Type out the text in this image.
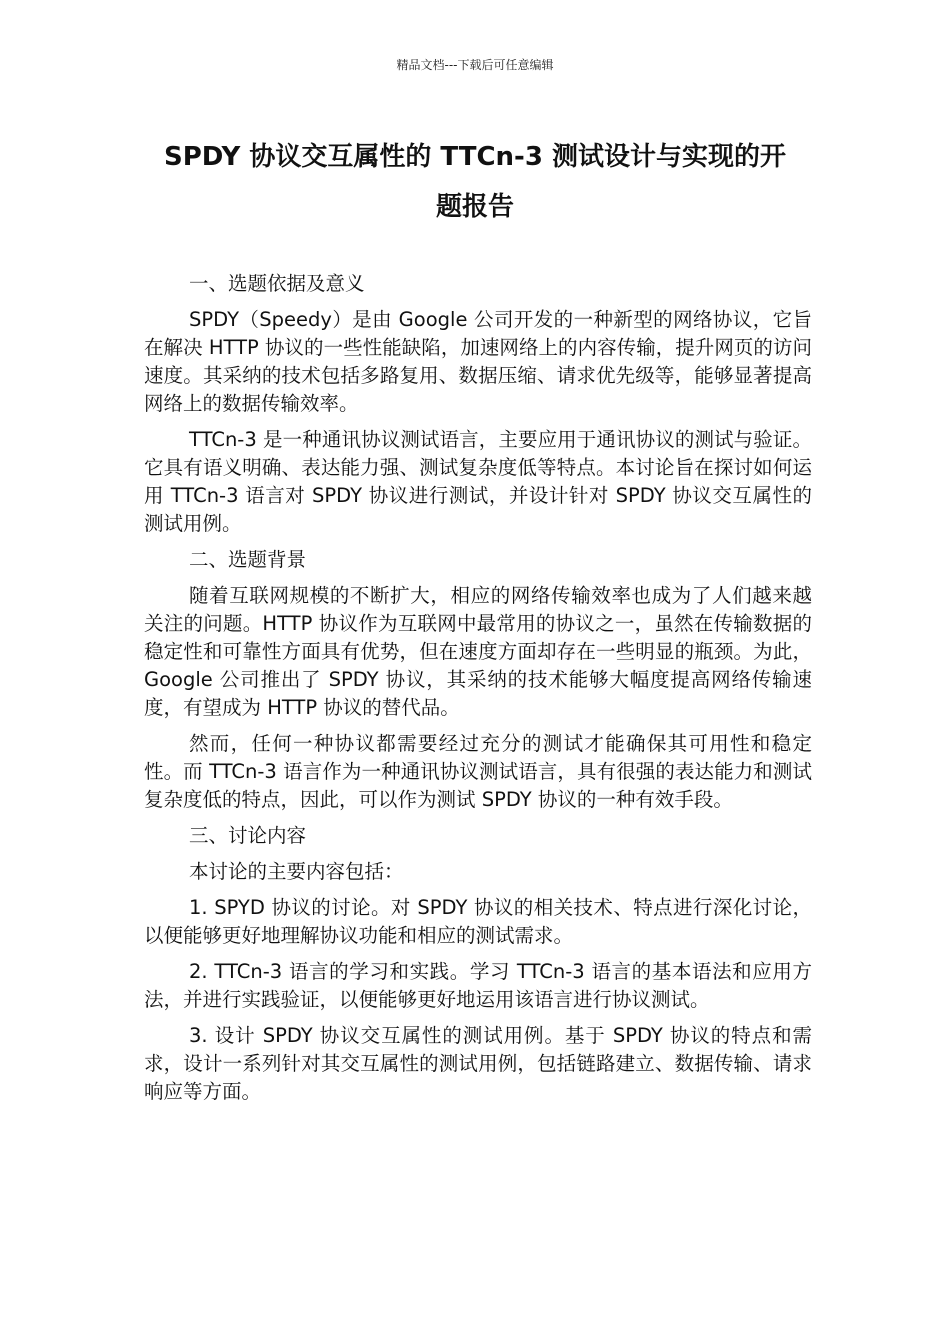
精品文档---下载后可任意编辑
SPDY 协议交互属性的 TTCn-3 测试设计与实现的开
题报告

一、选题依据及意义

SPDY（Speedy）是由 Google 公司开发的一种新型的网络协议，它旨在解决 HTTP 协议的一些性能缺陷，加速网络上的内容传输，提升网页的访问速度。其采纳的技术包括多路复用、数据压缩、请求优先级等，能够显著提高网络上的数据传输效率。

TTCn-3 是一种通讯协议测试语言，主要应用于通讯协议的测试与验证。它具有语义明确、表达能力强、测试复杂度低等特点。本讨论旨在探讨如何运用 TTCn-3 语言对 SPDY 协议进行测试，并设计针对 SPDY 协议交互属性的测试用例。

二、选题背景

随着互联网规模的不断扩大，相应的网络传输效率也成为了人们越来越关注的问题。HTTP 协议作为互联网中最常用的协议之一，虽然在传输数据的稳定性和可靠性方面具有优势，但在速度方面却存在一些明显的瓶颈。为此，Google 公司推出了 SPDY 协议，其采纳的技术能够大幅度提高网络传输速度，有望成为 HTTP 协议的替代品。

然而，任何一种协议都需要经过充分的测试才能确保其可用性和稳定性。而 TTCn-3 语言作为一种通讯协议测试语言，具有很强的表达能力和测试复杂度低的特点，因此，可以作为测试 SPDY 协议的一种有效手段。

三、讨论内容

本讨论的主要内容包括：

1. SPYD 协议的讨论。对 SPDY 协议的相关技术、特点进行深化讨论，以便能够更好地理解协议功能和相应的测试需求。

2. TTCn-3 语言的学习和实践。学习 TTCn-3 语言的基本语法和应用方法，并进行实践验证，以便能够更好地运用该语言进行协议测试。

3. 设计 SPDY 协议交互属性的测试用例。基于 SPDY 协议的特点和需求，设计一系列针对其交互属性的测试用例，包括链路建立、数据传输、请求响应等方面。
